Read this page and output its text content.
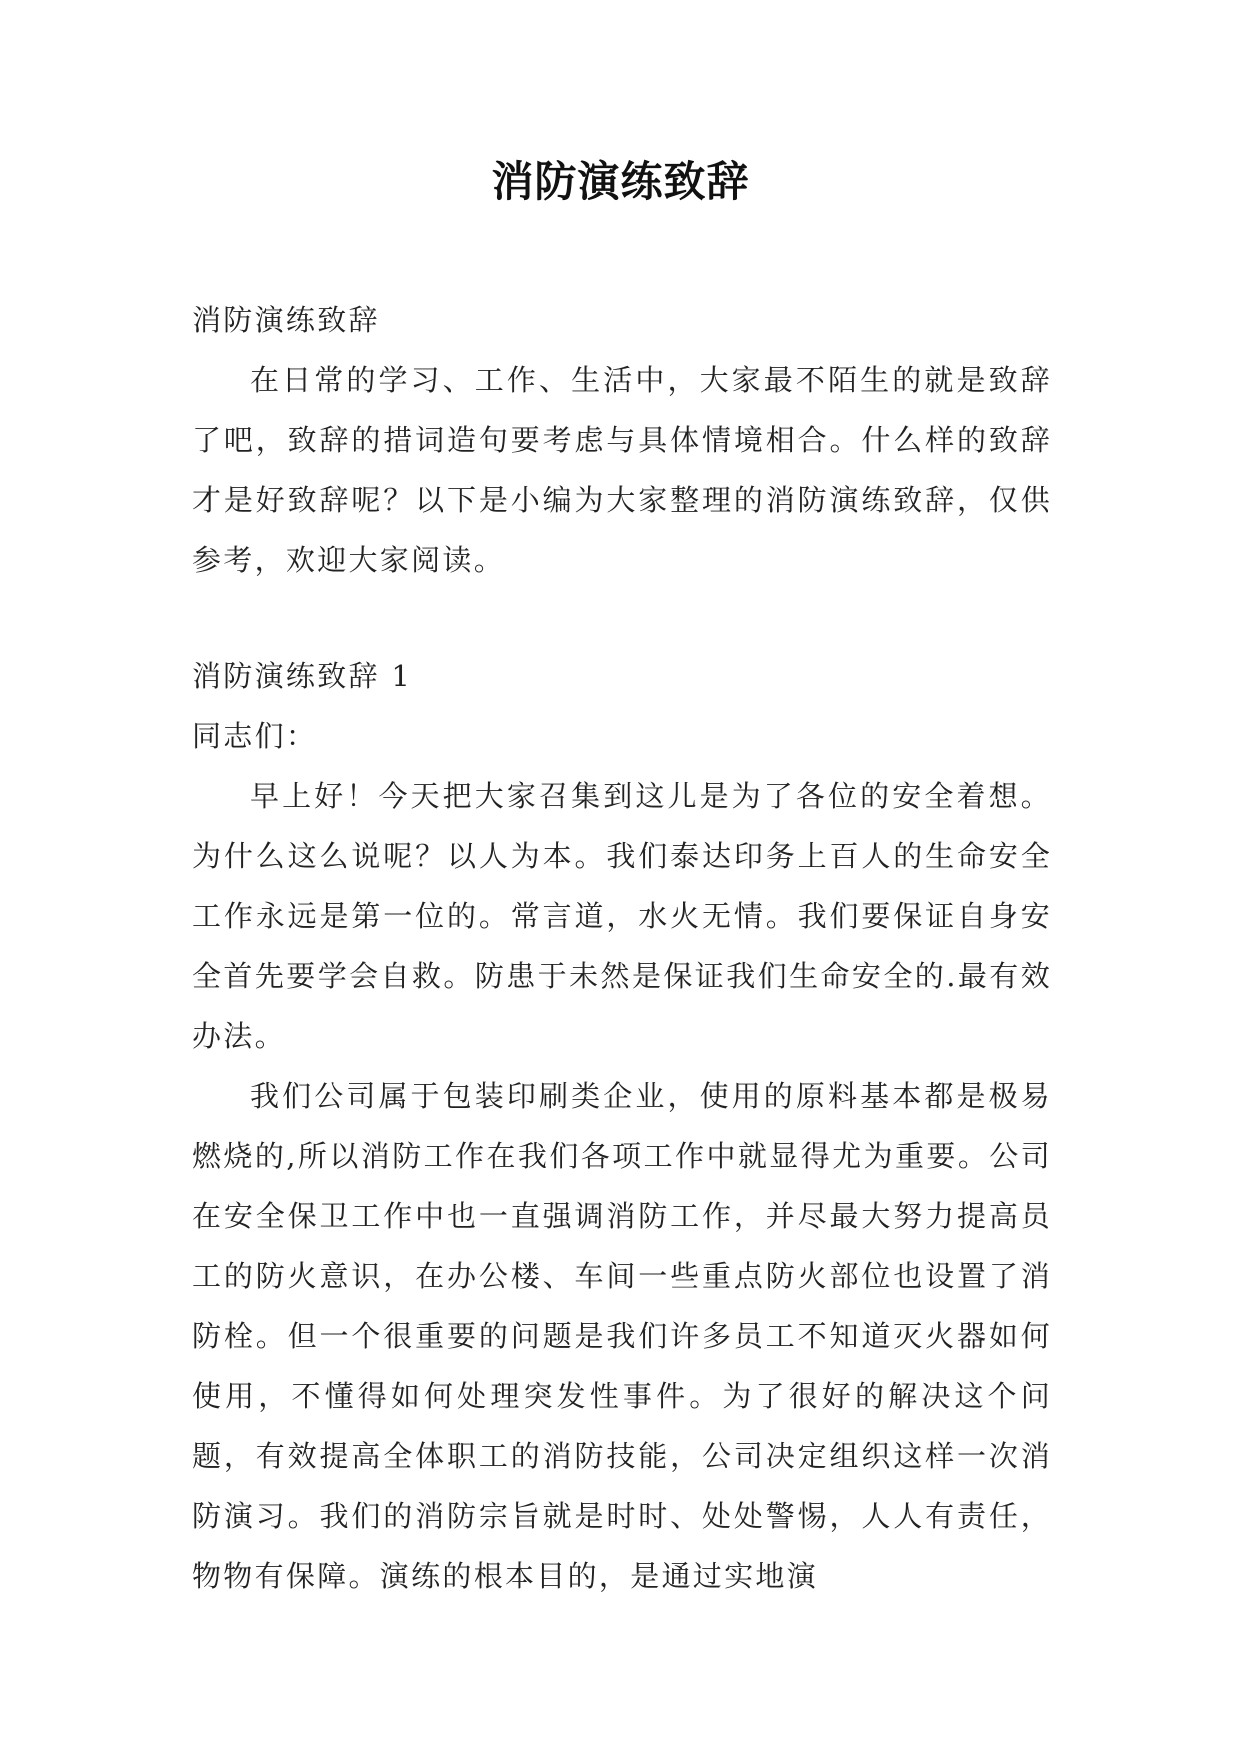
消防演练致辞

消防演练致辞

在日常的学习、工作、生活中，大家最不陌生的就是致辞了吧，致辞的措词造句要考虑与具体情境相合。什么样的致辞才是好致辞呢？以下是小编为大家整理的消防演练致辞，仅供参考，欢迎大家阅读。

消防演练致辞 1

同志们：

早上好！今天把大家召集到这儿是为了各位的安全着想。为什么这么说呢？以人为本。我们泰达印务上百人的生命安全工作永远是第一位的。常言道，水火无情。我们要保证自身安全首先要学会自救。防患于未然是保证我们生命安全的.最有效办法。

我们公司属于包装印刷类企业，使用的原料基本都是极易燃烧的,所以消防工作在我们各项工作中就显得尤为重要。公司在安全保卫工作中也一直强调消防工作，并尽最大努力提高员工的防火意识，在办公楼、车间一些重点防火部位也设置了消防栓。但一个很重要的问题是我们许多员工不知道灭火器如何使用，不懂得如何处理突发性事件。为了很好的解决这个问题，有效提高全体职工的消防技能，公司决定组织这样一次消防演习。我们的消防宗旨就是时时、处处警惕，人人有责任，物物有保障。演练的根本目的，是通过实地演
